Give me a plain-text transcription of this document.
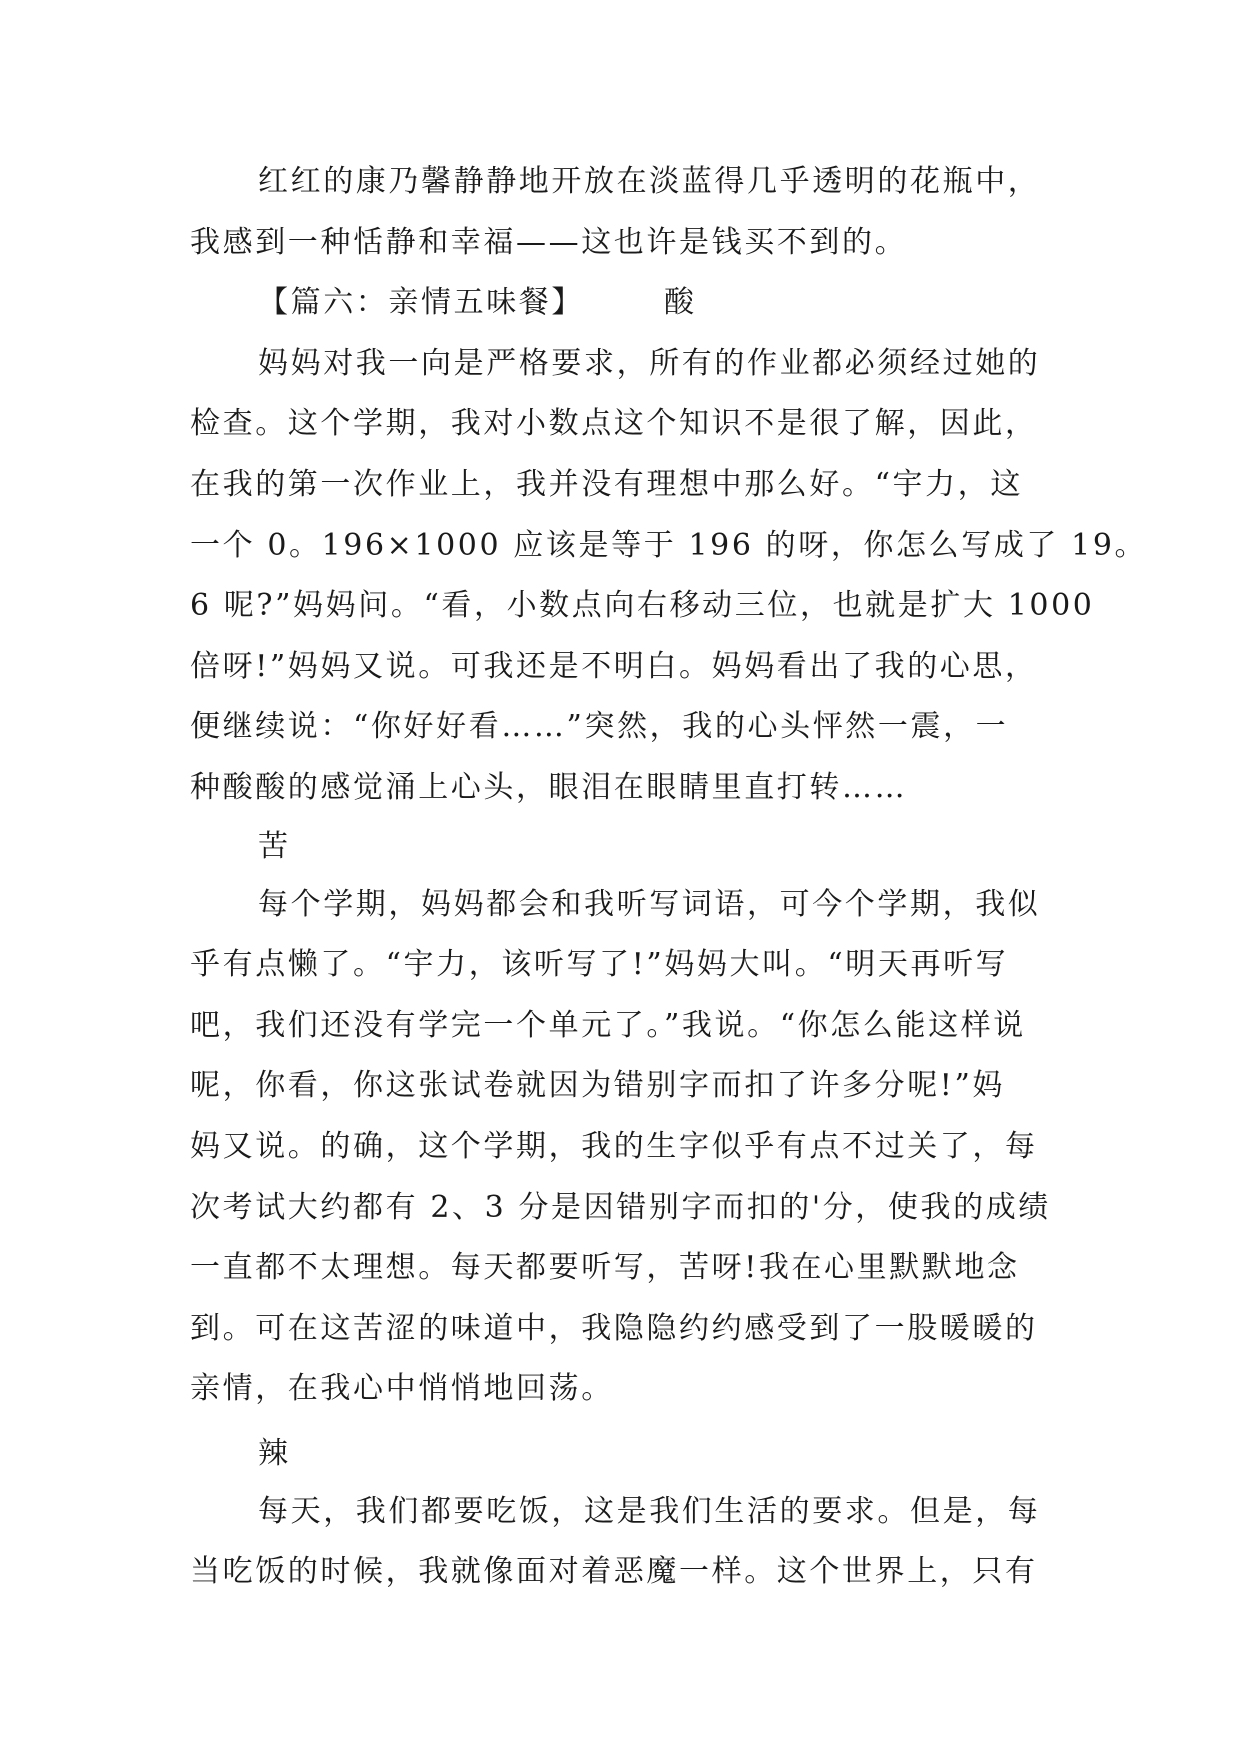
红红的康乃馨静静地开放在淡蓝得几乎透明的花瓶中，
我感到一种恬静和幸福——这也许是钱买不到的。
【篇六：亲情五味餐】	酸
妈妈对我一向是严格要求，所有的作业都必须经过她的
检查。这个学期，我对小数点这个知识不是很了解，因此，
在我的第一次作业上，我并没有理想中那么好。“宇力，这
一个 0。196×1000 应该是等于 196 的呀，你怎么写成了 19。
6 呢?”妈妈问。“看，小数点向右移动三位，也就是扩大 1000
倍呀!”妈妈又说。可我还是不明白。妈妈看出了我的心思，
便继续说：“你好好看……”突然，我的心头怦然一震，一
种酸酸的感觉涌上心头，眼泪在眼睛里直打转……
苦
每个学期，妈妈都会和我听写词语，可今个学期，我似
乎有点懒了。“宇力，该听写了!”妈妈大叫。“明天再听写
吧，我们还没有学完一个单元了。”我说。“你怎么能这样说
呢，你看，你这张试卷就因为错别字而扣了许多分呢!”妈
妈又说。的确，这个学期，我的生字似乎有点不过关了，每
次考试大约都有 2、3 分是因错别字而扣的'分，使我的成绩
一直都不太理想。每天都要听写，苦呀!我在心里默默地念
到。可在这苦涩的味道中，我隐隐约约感受到了一股暖暖的
亲情，在我心中悄悄地回荡。
辣
每天，我们都要吃饭，这是我们生活的要求。但是，每
当吃饭的时候，我就像面对着恶魔一样。这个世界上，只有
